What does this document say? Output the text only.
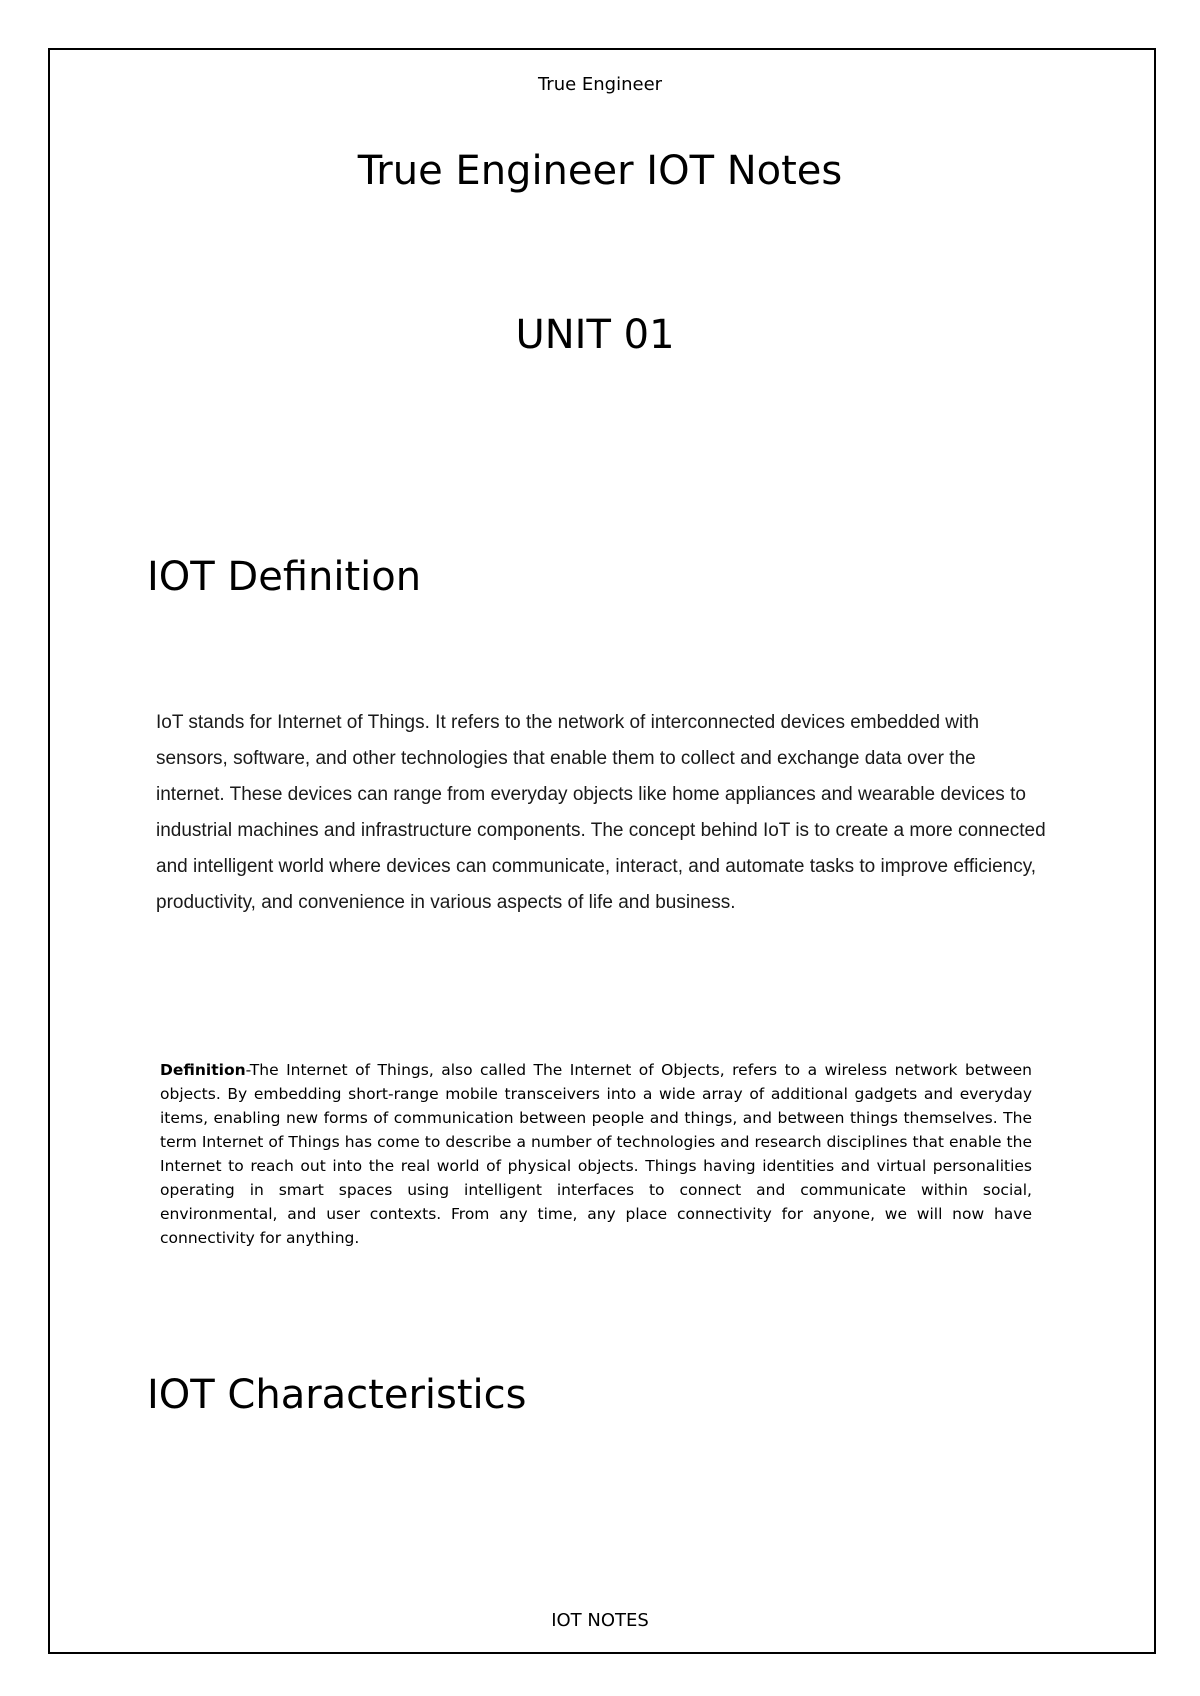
True Engineer
True Engineer IOT Notes
UNIT 01
IOT Definition

IoT stands for Internet of Things. It refers to the network of interconnected devices embedded with sensors, software, and other technologies that enable them to collect and exchange data over the internet. These devices can range from everyday objects like home appliances and wearable devices to industrial machines and infrastructure components. The concept behind IoT is to create a more connected and intelligent world where devices can communicate, interact, and automate tasks to improve efficiency, productivity, and convenience in various aspects of life and business.

Definition-The Internet of Things, also called The Internet of Objects, refers to a wireless network between objects. By embedding short-range mobile transceivers into a wide array of additional gadgets and everyday items, enabling new forms of communication between people and things, and between things themselves. The term Internet of Things has come to describe a number of technologies and research disciplines that enable the Internet to reach out into the real world of physical objects. Things having identities and virtual personalities operating in smart spaces using intelligent interfaces to connect and communicate within social, environmental, and user contexts. From any time, any place connectivity for anyone, we will now have connectivity for anything.

IOT Characteristics
IOT NOTES
